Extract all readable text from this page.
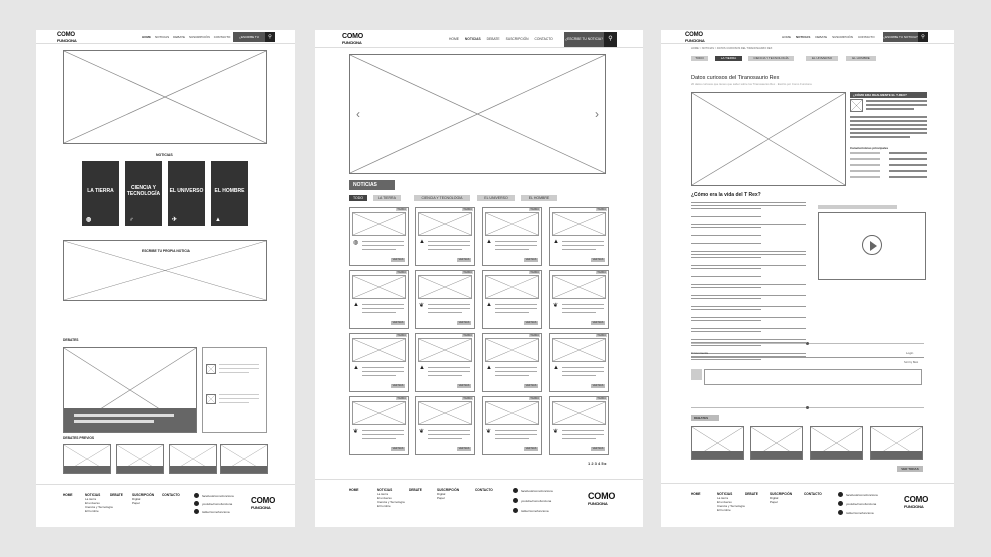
COMO
FUNCIONA
HOME NOTICIAS DEBATE SUSCRIPCIÓN CONTACTO	¿ESCRIBE TU NOTICIA?
⚲
NOTICIAS
LA TIERRA
◍
CIENCIA Y TECNOLOGÍA
♂
EL UNIVERSO
✈
EL HOMBRE
▲
ESCRIBE TU PROPIA NOTICIA
DEBATES
DEBATES PREVIOS
HOME	NOTICIAS
La tierra
El universo
Ciencia y Tecnología
El hombre
DEBATE	SUSCRIPCIÓN
Digital
Papel
CONTACTO	facebook/comofunciona
youtube/comofunciona
twitter/comofunciona
COMO
FUNCIONA
COMO
FUNCIONA
HOME NOTICIAS DEBATE SUSCRIPCIÓN CONTACTO	¿ESCRIBE TU NOTICIA? ⚲
‹	›
NOTICIAS
TODO	LA TIERRA	CIENCIA Y TECNOLOGIA	EL UNIVERSO	EL HOMBRE
TIERRA
◍
VER MAS
TIERRA
▲
VER MAS
TIERRA
▲
VER MAS
TIERRA
▲
VER MAS
TIERRA
▲
VER MAS
TIERRA
❦
VER MAS
TIERRA
▲
VER MAS
TIERRA
❦
VER MAS
TIERRA
▲
VER MAS
TIERRA
▲
VER MAS
TIERRA
▲
VER MAS
TIERRA
▲
VER MAS
TIERRA
❦
VER MAS
TIERRA
❦
VER MAS
TIERRA
❦
VER MAS
TIERRA
❦
VER MAS
1 2 3 4 5 ▸
HOME	NOTICIAS
La tierra
El universo
Ciencia y Tecnología
El hombre
DEBATE	SUSCRIPCIÓN
Digital
Papel
CONTACTO	facebook/comofunciona
youtube/comofunciona
twitter/comofunciona
COMO
FUNCIONA
COMO
FUNCIONA
HOME NOTICIAS DEBATE SUSCRIPCIÓN CONTACTO	¿ESCRIBE TU NOTICIA? ⚲
HOME > NOTICIAS > DATOS CURIOSOS DEL TIRANOSAURIO REX
TODO	LA TIERRA	CIENCIA Y TECNOLOGÍA	EL UNIVERSO	EL HOMBRE
Datos curiosos del Tiranosaurio Rex
20 datos curiosos que tienes que saber sobre los Tiranosaurios Rex · Escrito por Como Funciona
¿CÓMO ERA REALMENTE EL T-REX?
Características principales
¿Cómo era la vida del T Rex?
0 Comments	Login
Sort by Best
DEBATES
VER TODAS
HOME	NOTICIAS
La tierra
El universo
Ciencia y Tecnología
El hombre
DEBATE	SUSCRIPCIÓN
Digital
Papel
CONTACTO	facebook/comofunciona
youtube/comofunciona
twitter/comofunciona
COMO
FUNCIONA
